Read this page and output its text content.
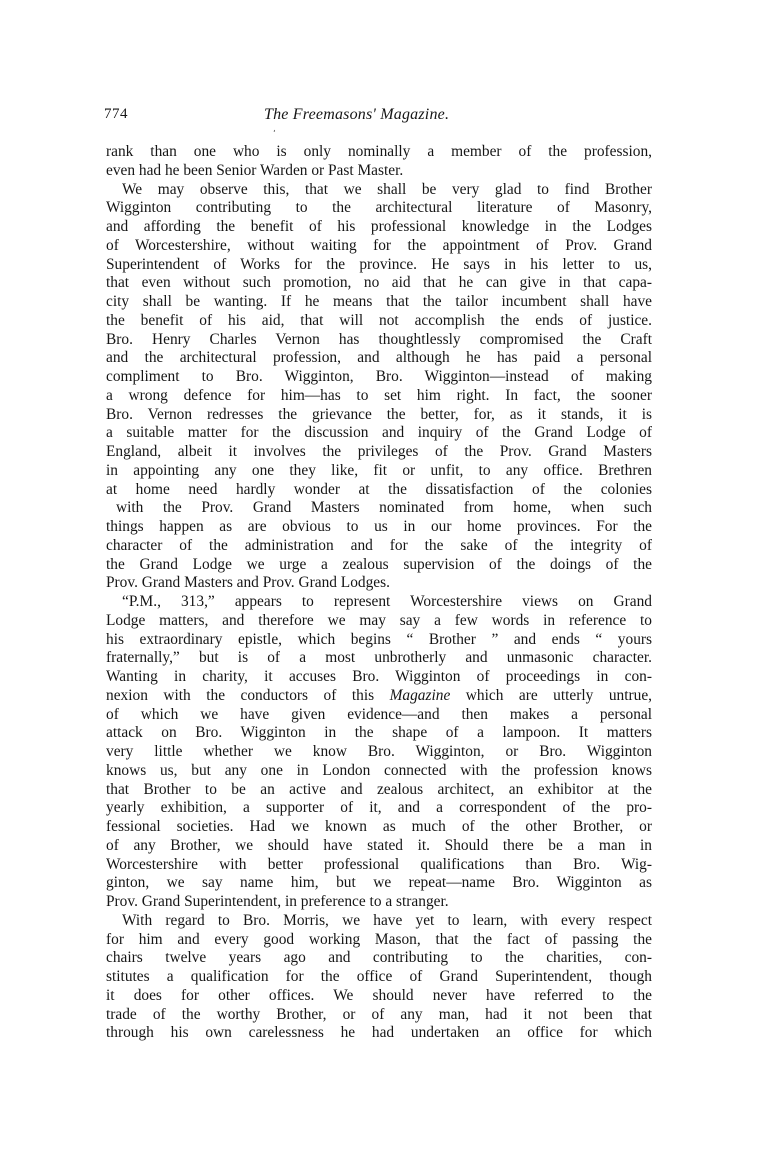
774	The Freemasons' Magazine.
¸
rank than one who is only nominally a member of the profession,
even had he been Senior Warden or Past Master.
We may observe this, that we shall be very glad to find Brother
Wigginton contributing to the architectural literature of Masonry,
and affording the benefit of his professional knowledge in the Lodges
of Worcestershire, without waiting for the appointment of Prov. Grand
Superintendent of Works for the province. He says in his letter to us,
that even without such promotion, no aid that he can give in that capa-
city shall be wanting. If he means that the tailor incumbent shall have
the benefit of his aid, that will not accomplish the ends of justice.
Bro. Henry Charles Vernon has thoughtlessly compromised the Craft
and the architectural profession, and although he has paid a personal
compliment to Bro. Wigginton, Bro. Wigginton—instead of making
a wrong defence for him—has to set him right. In fact, the sooner
Bro. Vernon redresses the grievance the better, for, as it stands, it is
a suitable matter for the discussion and inquiry of the Grand Lodge of
England, albeit it involves the privileges of the Prov. Grand Masters
in appointing any one they like, fit or unfit, to any office. Brethren
at home need hardly wonder at the dissatisfaction of the colonies
with the Prov. Grand Masters nominated from home, when such
things happen as are obvious to us in our home provinces. For the
character of the administration and for the sake of the integrity of
the Grand Lodge we urge a zealous supervision of the doings of the
Prov. Grand Masters and Prov. Grand Lodges.
“P.M., 313,” appears to represent Worcestershire views on Grand
Lodge matters, and therefore we may say a few words in reference to
his extraordinary epistle, which begins “ Brother ” and ends “ yours
fraternally,” but is of a most unbrotherly and unmasonic character.
Wanting in charity, it accuses Bro. Wigginton of proceedings in con-
nexion with the conductors of this Magazine which are utterly untrue,
of which we have given evidence—and then makes a personal
attack on Bro. Wigginton in the shape of a lampoon. It matters
very little whether we know Bro. Wigginton, or Bro. Wigginton
knows us, but any one in London connected with the profession knows
that Brother to be an active and zealous architect, an exhibitor at the
yearly exhibition, a supporter of it, and a correspondent of the pro-
fessional societies. Had we known as much of the other Brother, or
of any Brother, we should have stated it. Should there be a man in
Worcestershire with better professional qualifications than Bro. Wig-
ginton, we say name him, but we repeat—name Bro. Wigginton as
Prov. Grand Superintendent, in preference to a stranger.
With regard to Bro. Morris, we have yet to learn, with every respect
for him and every good working Mason, that the fact of passing the
chairs twelve years ago and contributing to the charities, con-
stitutes a qualification for the office of Grand Superintendent, though
it does for other offices. We should never have referred to the
trade of the worthy Brother, or of any man, had it not been that
through his own carelessness he had undertaken an office for which
